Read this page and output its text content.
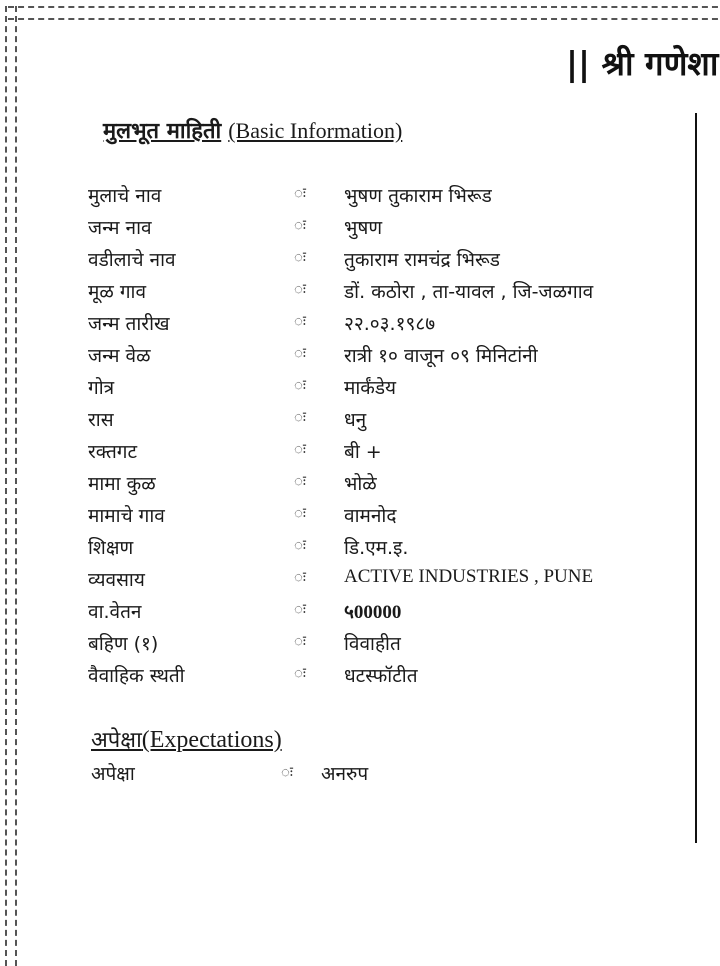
|| श्री गणेशा
मुलभूत माहिती (Basic Information)
मुलाचे नाव	ः भुषण तुकाराम भिरूड
जन्म नाव	ः भुषण
वडीलाचे नाव	ः तुकाराम रामचंद्र भिरूड
मूळ गाव	ः डों. कठोरा , ता-यावल , जि-जळगाव
जन्म तारीख	ः २२.०३.१९८७
जन्म वेळ	ः रात्री १० वाजून ०९ मिनिटांनी
गोत्र	ः मार्कंडेय
रास	ः धनु
रक्तगट	ः बी +
मामा कुळ	ः भोळे
मामाचे गाव	ः वामनोद
शिक्षण	ः डि.एम.इ.
व्यवसाय	ः ACTIVE INDUSTRIES , PUNE
वा.वेतन	ः ५00000
बहिण (१)	ः विवाहीत
वैवाहिक स्थती	ः धटस्फॉटीत
अपेक्षा(Expectations)
अपेक्षा	ः अनरुप
